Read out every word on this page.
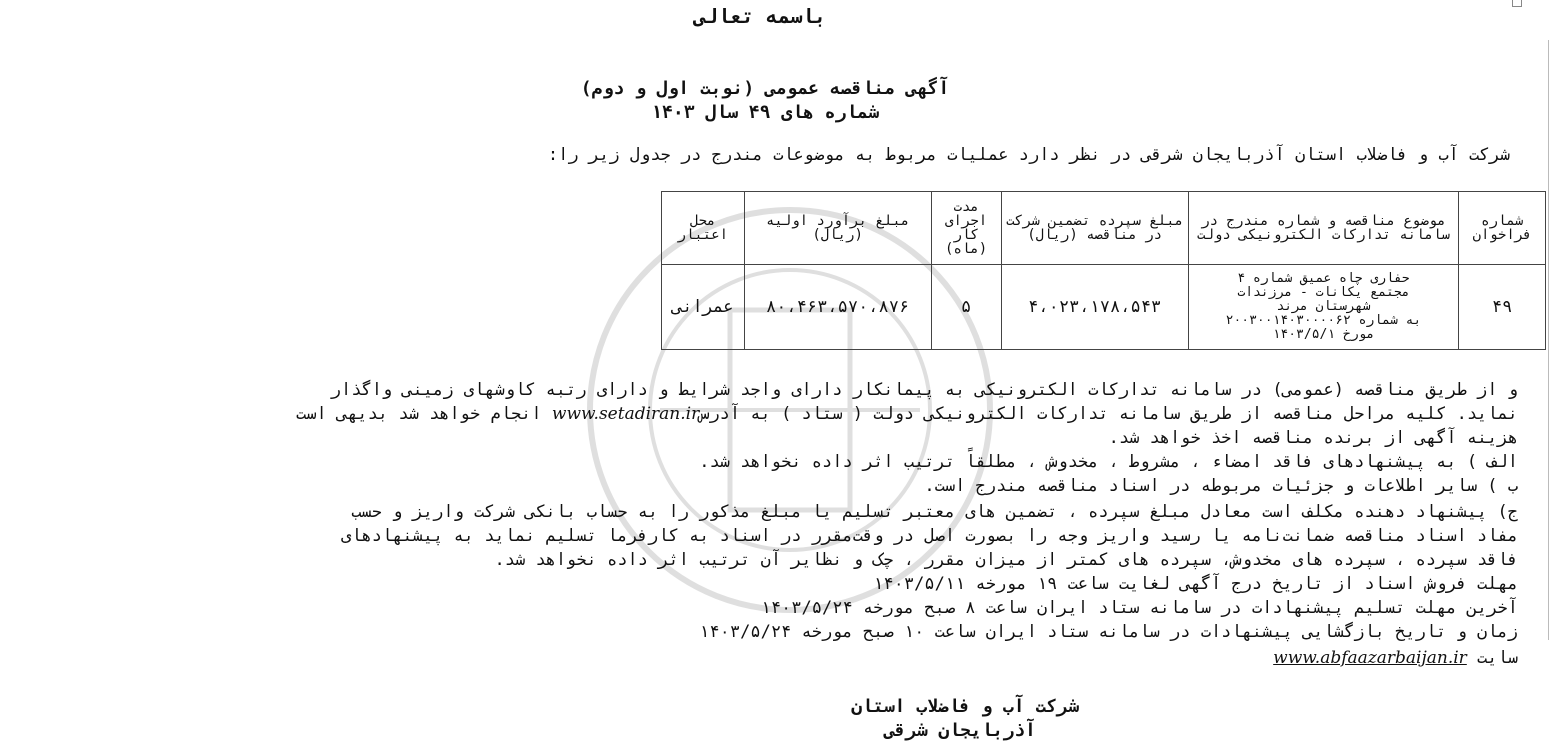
باسمه تعالی
آگهی مناقصه عمومی (نوبت اول و دوم)
شماره های ۴۹ سال ۱۴۰۳
شرکت آب و فاضلاب استان آذربایجان شرقی در نظر دارد عملیات مربوط به موضوعات مندرج در جدول زیر را:
شماره فراخوان	موضوع مناقصه و شماره مندرج در سامانه تدارکات الکترونیکی دولت	مبلغ سپرده تضمین شرکت در مناقصه (ریال)	مدت اجرای کار (ماه)	مبلغ برآورد اولیه (ریال)	محل اعتبار
۴۹	حفاری چاه عمیق شماره ۴
مجتمع یکانات - مرزندات
شهرستان مرند
به شماره ۲۰۰۳۰۰۱۴۰۳۰۰۰۰۶۲
مورخ ۱۴۰۳/۵/۱	۴،۰۲۳،۱۷۸،۵۴۳	۵	۸۰،۴۶۳،۵۷۰،۸۷۶	عمرانی
و از طریق مناقصه (عمومی) در سامانه تدارکات الکترونیکی به پیمانکار دارای واجد شرایط و دارای رتبه کاوشهای زمینی واگذار
نماید. کلیه مراحل مناقصه از طریق سامانه تدارکات الکترونیکی دولت ( ستاد ) به آدرسwww.setadiran.ir انجام خواهد شد بدیهی است
هزینه آگهی از برنده مناقصه اخذ خواهد شد.
الف ) به پیشنهادهای فاقد امضاء ، مشروط ، مخدوش ، مطلقاً ترتیب اثر داده نخواهد شد.
ب ) سایر اطلاعات و جزئیات مربوطه در اسناد مناقصه مندرج است.
ج) پیشنهاد دهنده مکلف است معادل مبلغ سپرده ، تضمین های معتبر تسلیم یا مبلغ مذکور را به حساب بانکی شرکت واریز و حسب
مفاد اسناد مناقصه ضمانت‌نامه یا رسید واریز وجه را بصورت اصل در وقت‌مقرر در اسناد به کارفرما تسلیم نماید به پیشنهادهای
فاقد سپرده ، سپرده های مخدوش، سپرده های کمتر از میزان مقرر ، چک و نظایر آن ترتیب اثر داده نخواهد شد.
مهلت فروش اسناد از تاریخ درج آگهی لغایت ساعت ۱۹ مورخه ۱۴۰۳/۵/۱۱
آخرین مهلت تسلیم پیشنهادات در سامانه ستاد ایران ساعت ۸ صبح مورخه ۱۴۰۳/۵/۲۴
زمان و تاریخ بازگشایی پیشنهادات در سامانه ستاد ایران ساعت ۱۰ صبح مورخه ۱۴۰۳/۵/۲۴
سایت www.abfaazarbaijan.ir
شرکت آب و فاضلاب استان
آذربایجان شرقی
